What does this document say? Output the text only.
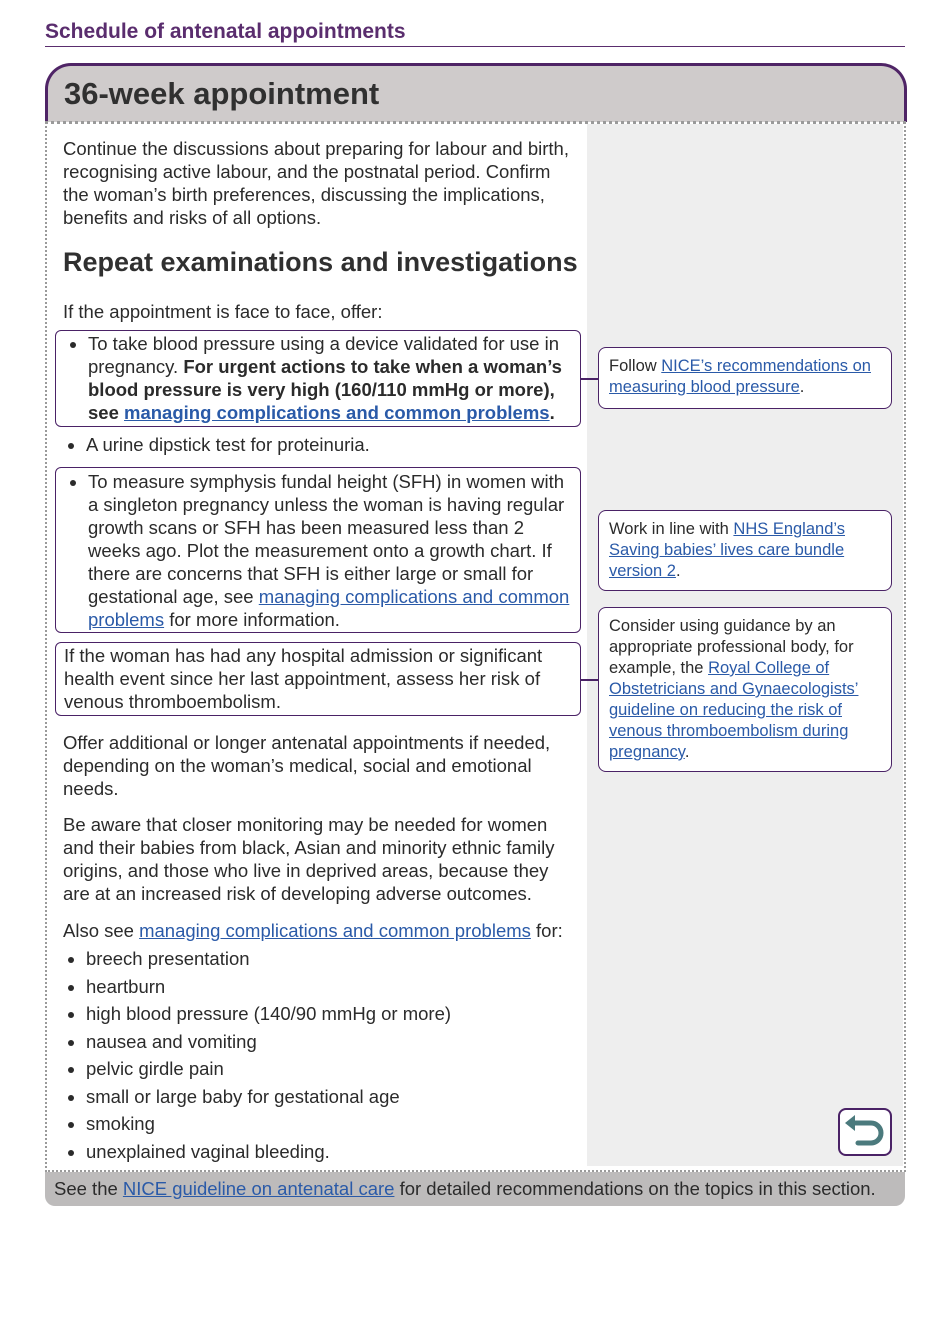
Schedule of antenatal appointments
36-week appointment

Continue the discussions about preparing for labour and birth, recognising active labour, and the postnatal period. Confirm the woman’s birth preferences, discussing the implications, benefits and risks of all options.

Repeat examinations and investigations

If the appointment is face to face, offer:

• To take blood pressure using a device validated for use in pregnancy. For urgent actions to take when a woman’s blood pressure is very high (160/110 mmHg or more), see managing complications and common problems.
• A urine dipstick test for proteinuria.
• To measure symphysis fundal height (SFH) in women with a singleton pregnancy unless the woman is having regular growth scans or SFH has been measured less than 2 weeks ago. Plot the measurement onto a growth chart. If there are concerns that SFH is either large or small for gestational age, see managing complications and common problems for more information.
If the woman has had any hospital admission or significant health event since her last appointment, assess her risk of venous thromboembolism.

Offer additional or longer antenatal appointments if needed, depending on the woman’s medical, social and emotional needs.

Be aware that closer monitoring may be needed for women and their babies from black, Asian and minority ethnic family origins, and those who live in deprived areas, because they are at an increased risk of developing adverse outcomes.

Also see managing complications and common problems for:

• breech presentation
• heartburn
• high blood pressure (140/90 mmHg or more)
• nausea and vomiting
• pelvic girdle pain
• small or large baby for gestational age
• smoking
• unexplained vaginal bleeding.
Follow NICE’s recommendations on measuring blood pressure.
Work in line with NHS England’s Saving babies’ lives care bundle version 2.
Consider using guidance by an appropriate professional body, for example, the Royal College of Obstetricians and Gynaecologists’ guideline on reducing the risk of venous thromboembolism during pregnancy.
See the NICE guideline on antenatal care for detailed recommendations on the topics in this section.
